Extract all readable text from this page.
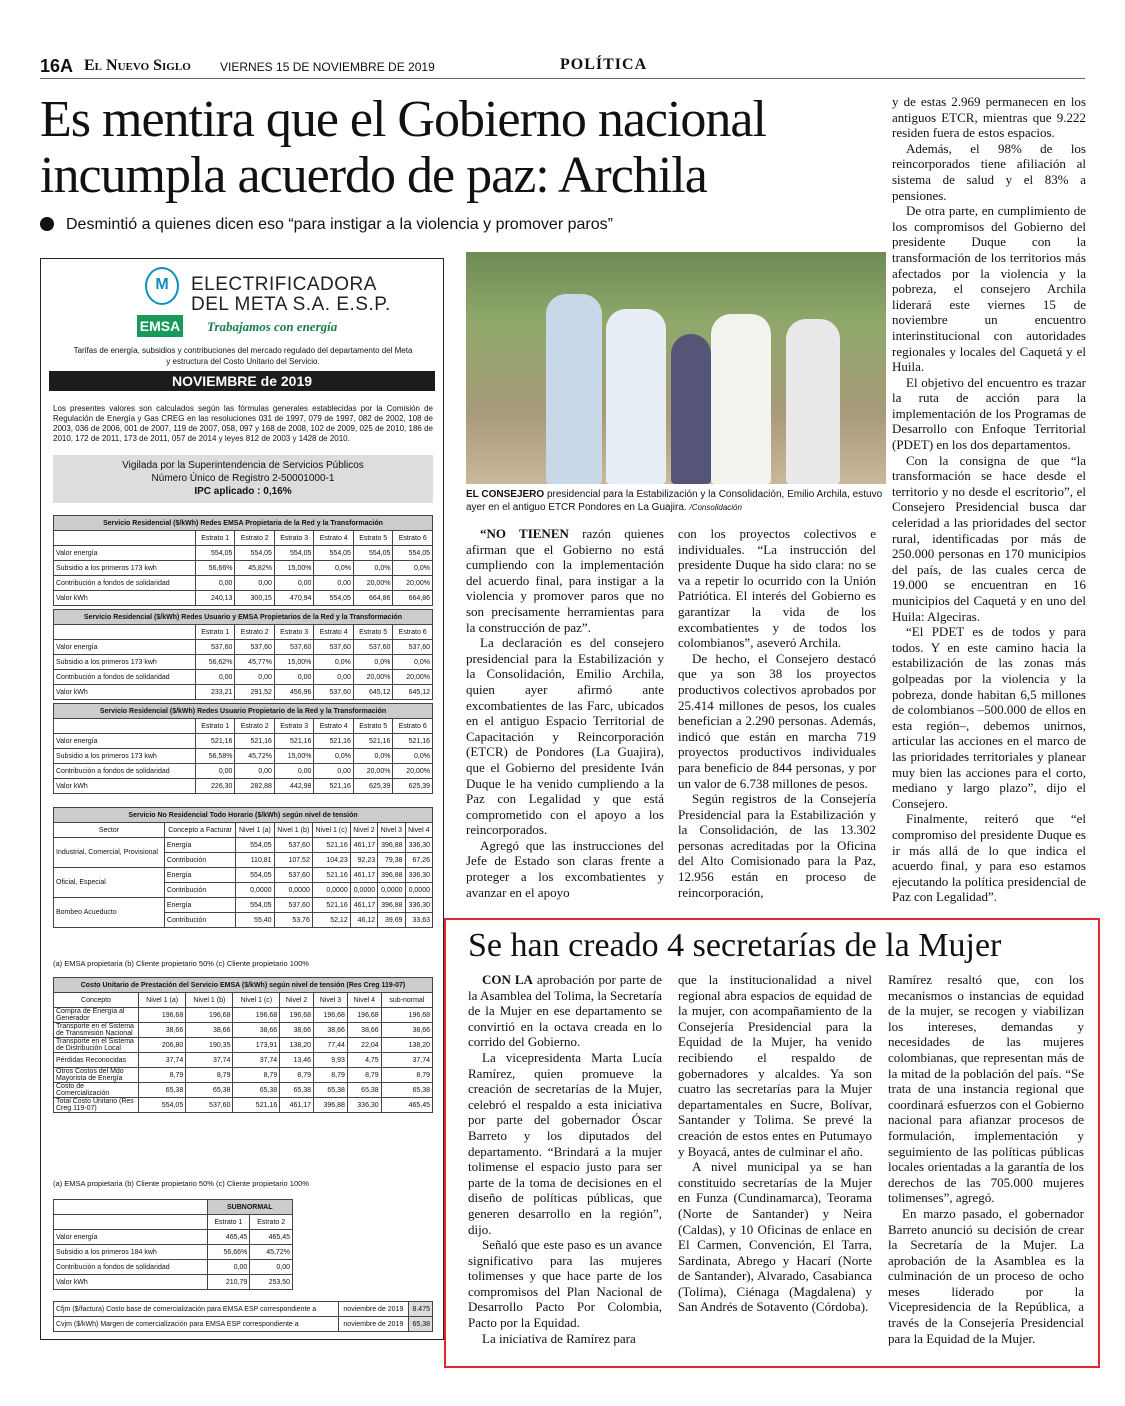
16A El Nuevo Siglo VIERNES 15 DE NOVIEMBRE DE 2019	POLÍTICA
Es mentira que el Gobierno nacional
incumpla acuerdo de paz: Archila
Desmintió a quienes dicen eso “para instigar a la violencia y promover paros”
M
EMSA
ELECTRIFICADORA
DEL META S.A. E.S.P.
Trabajamos con energía
Tarifas de energía, subsidios y contribuciones del mercado regulado del departamento del Meta y estructura del Costo Unitario del Servicio.
NOVIEMBRE de 2019
Los presentes valores son calculados según las fórmulas generales establecidas por la Comisión de Regulación de Energía y Gas CREG en las resoluciones 031 de 1997, 079 de 1997, 082 de 2002, 108 de 2003, 036 de 2006, 001 de 2007, 119 de 2007, 058, 097 y 168 de 2008, 102 de 2009, 025 de 2010, 186 de 2010, 172 de 2011, 173 de 2011, 057 de 2014 y leyes 812 de 2003 y 1428 de 2010.
Vigilada por la Superintendencia de Servicios Públicos
Número Único de Registro 2-50001000-1
IPC aplicado : 0,16%
Servicio Residencial ($/kWh) Redes EMSA Propietaria de la Red y la Transformación						
	Estrato 1	Estrato 2	Estrato 3	Estrato 4	Estrato 5	Estrato 6
Valor energía	554,05	554,05	554,05	554,05	554,05	554,05
Subsidio a los primeros 173 kwh	56,66%	45,82%	15,00%	0,0%	0,0%	0,0%
Contribución a fondos de solidaridad	0,00	0,00	0,00	0,00	20,00%	20,00%
Valor kWh	240,13	300,15	470,94	554,05	664,86	664,86
Servicio Residencial ($/kWh) Redes Usuario y EMSA Propietarios de la Red y la Transformación						
	Estrato 1	Estrato 2	Estrato 3	Estrato 4	Estrato 5	Estrato 6
Valor energía	537,60	537,60	537,60	537,60	537,60	537,60
Subsidio a los primeros 173 kwh	56,62%	45,77%	15,00%	0,0%	0,0%	0,0%
Contribución a fondos de solidaridad	0,00	0,00	0,00	0,00	20,00%	20,00%
Valor kWh	233,21	291,52	456,96	537,60	645,12	645,12
Servicio Residencial ($/kWh) Redes Usuario Propietario de la Red y la Transformación						
	Estrato 1	Estrato 2	Estrato 3	Estrato 4	Estrato 5	Estrato 6
Valor energía	521,16	521,16	521,16	521,16	521,16	521,16
Subsidio a los primeros 173 kwh	56,58%	45,72%	15,00%	0,0%	0,0%	0,0%
Contribución a fondos de solidaridad	0,00	0,00	0,00	0,00	20,00%	20,00%
Valor kWh	226,30	282,88	442,98	521,16	625,39	625,39
Servicio No Residencial Todo Horario ($/kWh) según nivel de tensión							
Sector	Concepto a Facturar	Nivel 1 (a)	Nivel 1 (b)	Nivel 1 (c)	Nivel 2	Nivel 3	Nivel 4
Industrial, Comercial, Provisional	Energía	554,05	537,60	521,16	461,17	396,88	336,30
	Contribución	110,81	107,52	104,23	92,23	79,38	67,26
Oficial, Especial	Energía	554,05	537,60	521,16	461,17	396,88	336,30
	Contribución	0,0000	0,0000	0,0000	0,0000	0,0000	0,0000
Bombeo Acueducto	Energía	554,05	537,60	521,16	461,17	396,88	336,30
	Contribución	55,40	53,76	52,12	46,12	39,69	33,63
(a) EMSA propietaria (b) Cliente propietario 50% (c) Cliente propietario 100%
Costo Unitario de Prestación del Servicio EMSA ($/kWh) según nivel de tensión (Res Creg 119-07)							
Concepto	Nivel 1 (a)	Nivel 1 (b)	Nivel 1 (c)	Nivel 2	Nivel 3	Nivel 4	sub-normal
Compra de Energía al Generador	196,68	196,68	196,68	196,68	196,68	196,68	196,68
Transporte en el Sistema de Transmisión Nacional	38,66	38,66	38,66	38,66	38,66	38,66	38,66
Transporte en el Sistema de Distribución Local	206,80	190,35	173,91	138,20	77,44	22,04	138,20
Pérdidas Reconocidas	37,74	37,74	37,74	13,46	9,93	4,75	37,74
Otros Costos del Mdo Mayorista de Energía	8,79	8,79	8,79	8,79	8,79	8,79	8,79
Costo de Comercialización	65,38	65,38	65,38	65,38	65,38	65,38	65,38
Total Costo Unitario (Res Creg 119-07)	554,05	537,60	521,16	461,17	396,88	336,30	465,45
(a) EMSA propietaria (b) Cliente propietario 50% (c) Cliente propietario 100%
	SUBNORMAL	
	Estrato 1	Estrato 2
Valor energía	465,45	465,45
Subsidio a los primeros 184 kwh	56,66%	45,72%
Contribución a fondos de solidaridad	0,00	0,00
Valor kWh	210,79	253,50
Cfjm ($/factura) Costo base de comercialización para EMSA ESP correspondiente a	noviembre de 2019	8.475
Cvjm ($/kWh) Margen de comercialización para EMSA ESP correspondiente a	noviembre de 2019	65,38
EL CONSEJERO presidencial para la Estabilización y la Consolidación, Emilio Archila, estuvo ayer en el antiguo ETCR Pondores en La Guajira. /Consolidación

“NO TIENEN razón quienes afirman que el Gobierno no está cumpliendo con la implementación del acuerdo final, para instigar a la violencia y promover paros que no son precisamente herramientas para la construcción de paz”.

La declaración es del consejero presidencial para la Estabilización y la Consolidación, Emilio Archila, quien ayer afirmó ante excombatientes de las Farc, ubicados en el antiguo Espacio Territorial de Capacitación y Reincorporación (ETCR) de Pondores (La Guajira), que el Gobierno del presidente Iván Duque le ha venido cumpliendo a la Paz con Legalidad y que está comprometido con el apoyo a los reincorporados.

Agregó que las instrucciones del Jefe de Estado son claras frente a proteger a los excombatientes y avanzar en el apoyo

con los proyectos colectivos e individuales. “La instrucción del presidente Duque ha sido clara: no se va a repetir lo ocurrido con la Unión Patriótica. El interés del Gobierno es garantizar la vida de los excombatientes y de todos los colombianos”, aseveró Archila.

De hecho, el Consejero destacó que ya son 38 los proyectos productivos colectivos aprobados por 25.414 millones de pesos, los cuales benefician a 2.290 personas. Además, indicó que están en marcha 719 proyectos productivos individuales para beneficio de 844 personas, y por un valor de 6.738 millones de pesos.

Según registros de la Consejería Presidencial para la Estabilización y la Consolidación, de las 13.302 personas acreditadas por la Oficina del Alto Comisionado para la Paz, 12.956 están en proceso de reincorporación,

y de estas 2.969 permanecen en los antiguos ETCR, mientras que 9.222 residen fuera de estos espacios.

Además, el 98% de los reincorporados tiene afiliación al sistema de salud y el 83% a pensiones.

De otra parte, en cumplimiento de los compromisos del Gobierno del presidente Duque con la transformación de los territorios más afectados por la violencia y la pobreza, el consejero Archila liderará este viernes 15 de noviembre un encuentro interinstitucional con autoridades regionales y locales del Caquetá y el Huila.

El objetivo del encuentro es trazar la ruta de acción para la implementación de los Programas de Desarrollo con Enfoque Territorial (PDET) en los dos departamentos.

Con la consigna de que “la transformación se hace desde el territorio y no desde el escritorio”, el Consejero Presidencial busca dar celeridad a las prioridades del sector rural, identificadas por más de 250.000 personas en 170 municipios del país, de las cuales cerca de 19.000 se encuentran en 16 municipios del Caquetá y en uno del Huila: Algeciras.

“El PDET es de todos y para todos. Y en este camino hacia la estabilización de las zonas más golpeadas por la violencia y la pobreza, donde habitan 6,5 millones de colombianos –500.000 de ellos en esta región–, debemos unirnos, articular las acciones en el marco de las prioridades territoriales y planear muy bien las acciones para el corto, mediano y largo plazo”, dijo el Consejero.

Finalmente, reiteró que “el compromiso del presidente Duque es ir más allá de lo que indica el acuerdo final, y para eso estamos ejecutando la política presidencial de Paz con Legalidad”.

Se han creado 4 secretarías de la Mujer

CON LA aprobación por parte de la Asamblea del Tolima, la Secretaría de la Mujer en ese departamento se convirtió en la octava creada en lo corrido del Gobierno.

La vicepresidenta Marta Lucía Ramírez, quien promueve la creación de secretarías de la Mujer, celebró el respaldo a esta iniciativa por parte del gobernador Óscar Barreto y los diputados del departamento. “Brindará a la mujer tolimense el espacio justo para ser parte de la toma de decisiones en el diseño de políticas públicas, que generen desarrollo en la región”, dijo.

Señaló que este paso es un avance significativo para las mujeres tolimenses y que hace parte de los compromisos del Plan Nacional de Desarrollo Pacto Por Colombia, Pacto por la Equidad.

La iniciativa de Ramírez para

que la institucionalidad a nivel regional abra espacios de equidad de la mujer, con acompañamiento de la Consejería Presidencial para la Equidad de la Mujer, ha venido recibiendo el respaldo de gobernadores y alcaldes. Ya son cuatro las secretarías para la Mujer departamentales en Sucre, Bolívar, Santander y Tolima. Se prevé la creación de estos entes en Putumayo y Boyacá, antes de culminar el año.

A nivel municipal ya se han constituido secretarías de la Mujer en Funza (Cundinamarca), Teorama (Norte de Santander) y Neira (Caldas), y 10 Oficinas de enlace en El Carmen, Convención, El Tarra, Sardinata, Abrego y Hacarí (Norte de Santander), Alvarado, Casabianca (Tolima), Ciénaga (Magdalena) y San Andrés de Sotavento (Córdoba).

Ramírez resaltó que, con los mecanismos o instancias de equidad de la mujer, se recogen y viabilizan los intereses, demandas y necesidades de las mujeres colombianas, que representan más de la mitad de la población del país. “Se trata de una instancia regional que coordinará esfuerzos con el Gobierno nacional para afianzar procesos de formulación, implementación y seguimiento de las políticas públicas locales orientadas a la garantía de los derechos de las 705.000 mujeres tolimenses”, agregó.

En marzo pasado, el gobernador Barreto anunció su decisión de crear la Secretaría de la Mujer. La aprobación de la Asamblea es la culminación de un proceso de ocho meses liderado por la Vicepresidencia de la República, a través de la Consejería Presidencial para la Equidad de la Mujer.
